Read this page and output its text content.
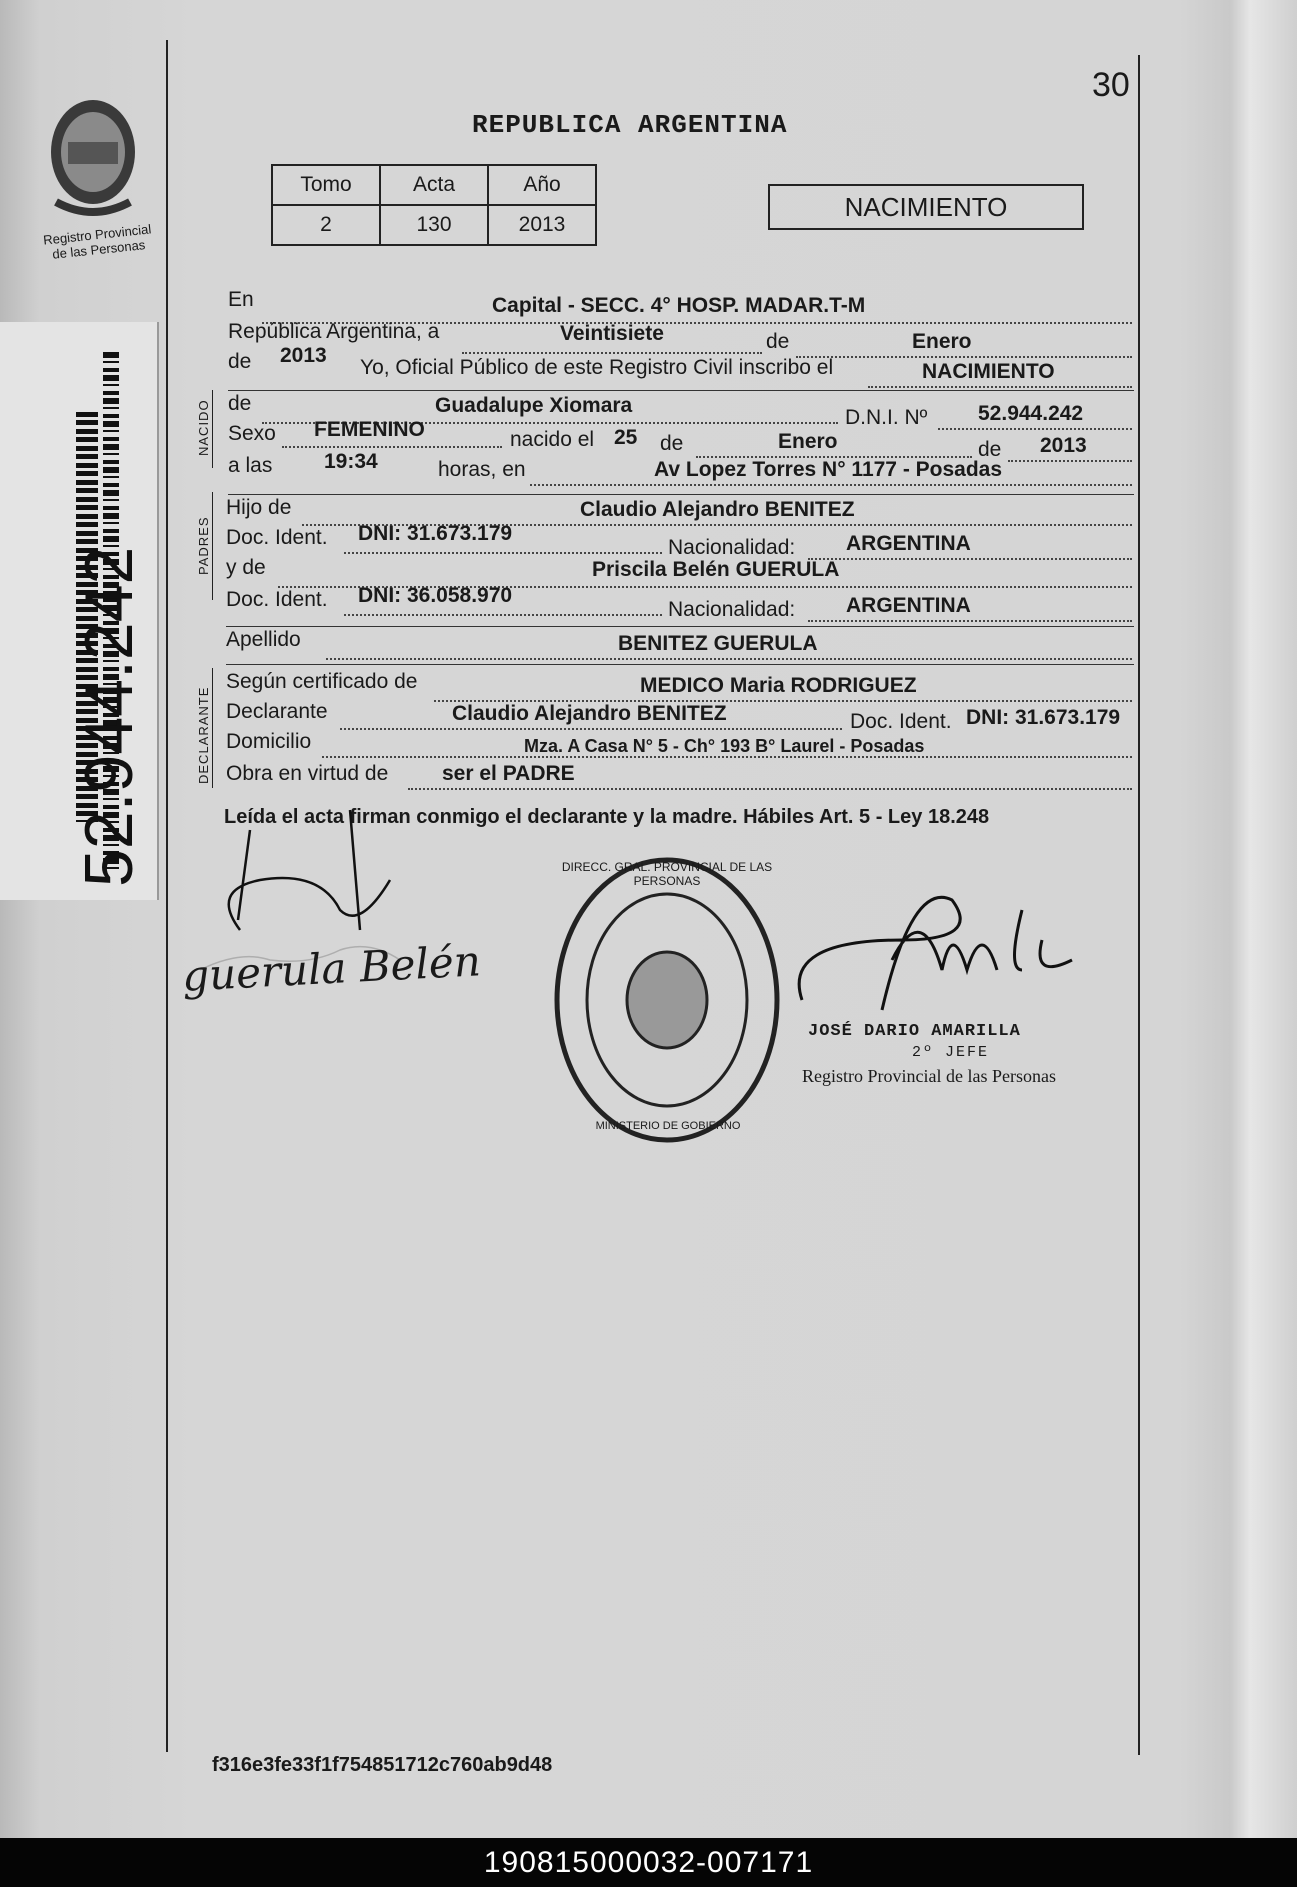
Registro Provincial de las Personas
52.944.242
30
REPUBLICA ARGENTINA
Tomo	Acta	Año
2	130	2013
NACIMIENTO
NACIDO
PADRES
DECLARANTE
En	Capital - SECC. 4° HOSP. MADAR.T-M
República Argentina, a	Veintisiete	de	Enero
de 2013
Yo, Oficial Público de este Registro Civil inscribo el	NACIMIENTO
de	Guadalupe Xiomara
D.N.I. Nº 52.944.242
Sexo FEMENINO	nacido el 25 de	Enero	de 2013
a las 19:34	horas, en	Av Lopez Torres N° 1177 - Posadas
Hijo de	Claudio Alejandro BENITEZ
Doc. Ident. DNI: 31.673.179
Nacionalidad: ARGENTINA
y de	Priscila Belén GUERULA
Doc. Ident. DNI: 36.058.970
Nacionalidad: ARGENTINA
Apellido	BENITEZ GUERULA
Según certificado de	MEDICO Maria RODRIGUEZ
Declarante	Claudio Alejandro BENITEZ	Doc. Ident. DNI: 31.673.179
Domicilio	Mza. A Casa N° 5 - Ch° 193 B° Laurel - Posadas
Obra en virtud de	ser el PADRE
Leída el acta firman conmigo el declarante y la madre. Hábiles Art. 5 - Ley 18.248
guerula Belén
DIRECC. GRAL. PROVINCIAL DE LAS PERSONAS
MINISTERIO DE GOBIERNO
JOSÉ DARIO AMARILLA
2º JEFE
Registro Provincial de las Personas
f316e3fe33f1f754851712c760ab9d48
190815000032-007171
